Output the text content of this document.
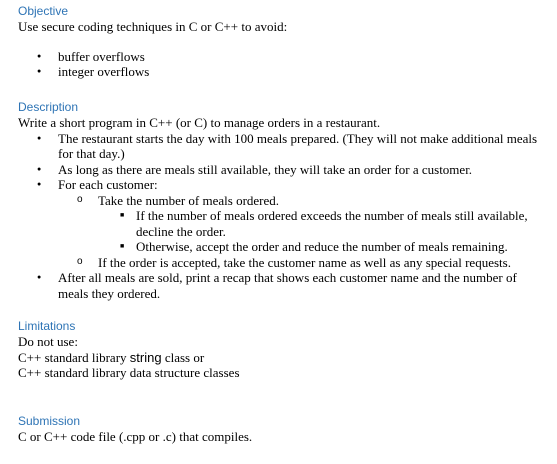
Objective

Use secure coding techniques in C or C++ to avoid:

● buffer overflows
● integer overflows
Description

Write a short program in C++ (or C) to manage orders in a restaurant.

● The restaurant starts the day with 100 meals prepared. (They will not make additional meals for that day.)
● As long as there are meals still available, they will take an order for a customer.
● For each customer:
o Take the number of meals ordered.
■ If the number of meals ordered exceeds the number of meals still available, decline the order.
■ Otherwise, accept the order and reduce the number of meals remaining.
o If the order is accepted, take the customer name as well as any special requests.
● After all meals are sold, print a recap that shows each customer name and the number of meals they ordered.
Limitations

Do not use:

C++ standard library string class or

C++ standard library data structure classes

Submission

C or C++ code file (.cpp or .c) that compiles.
